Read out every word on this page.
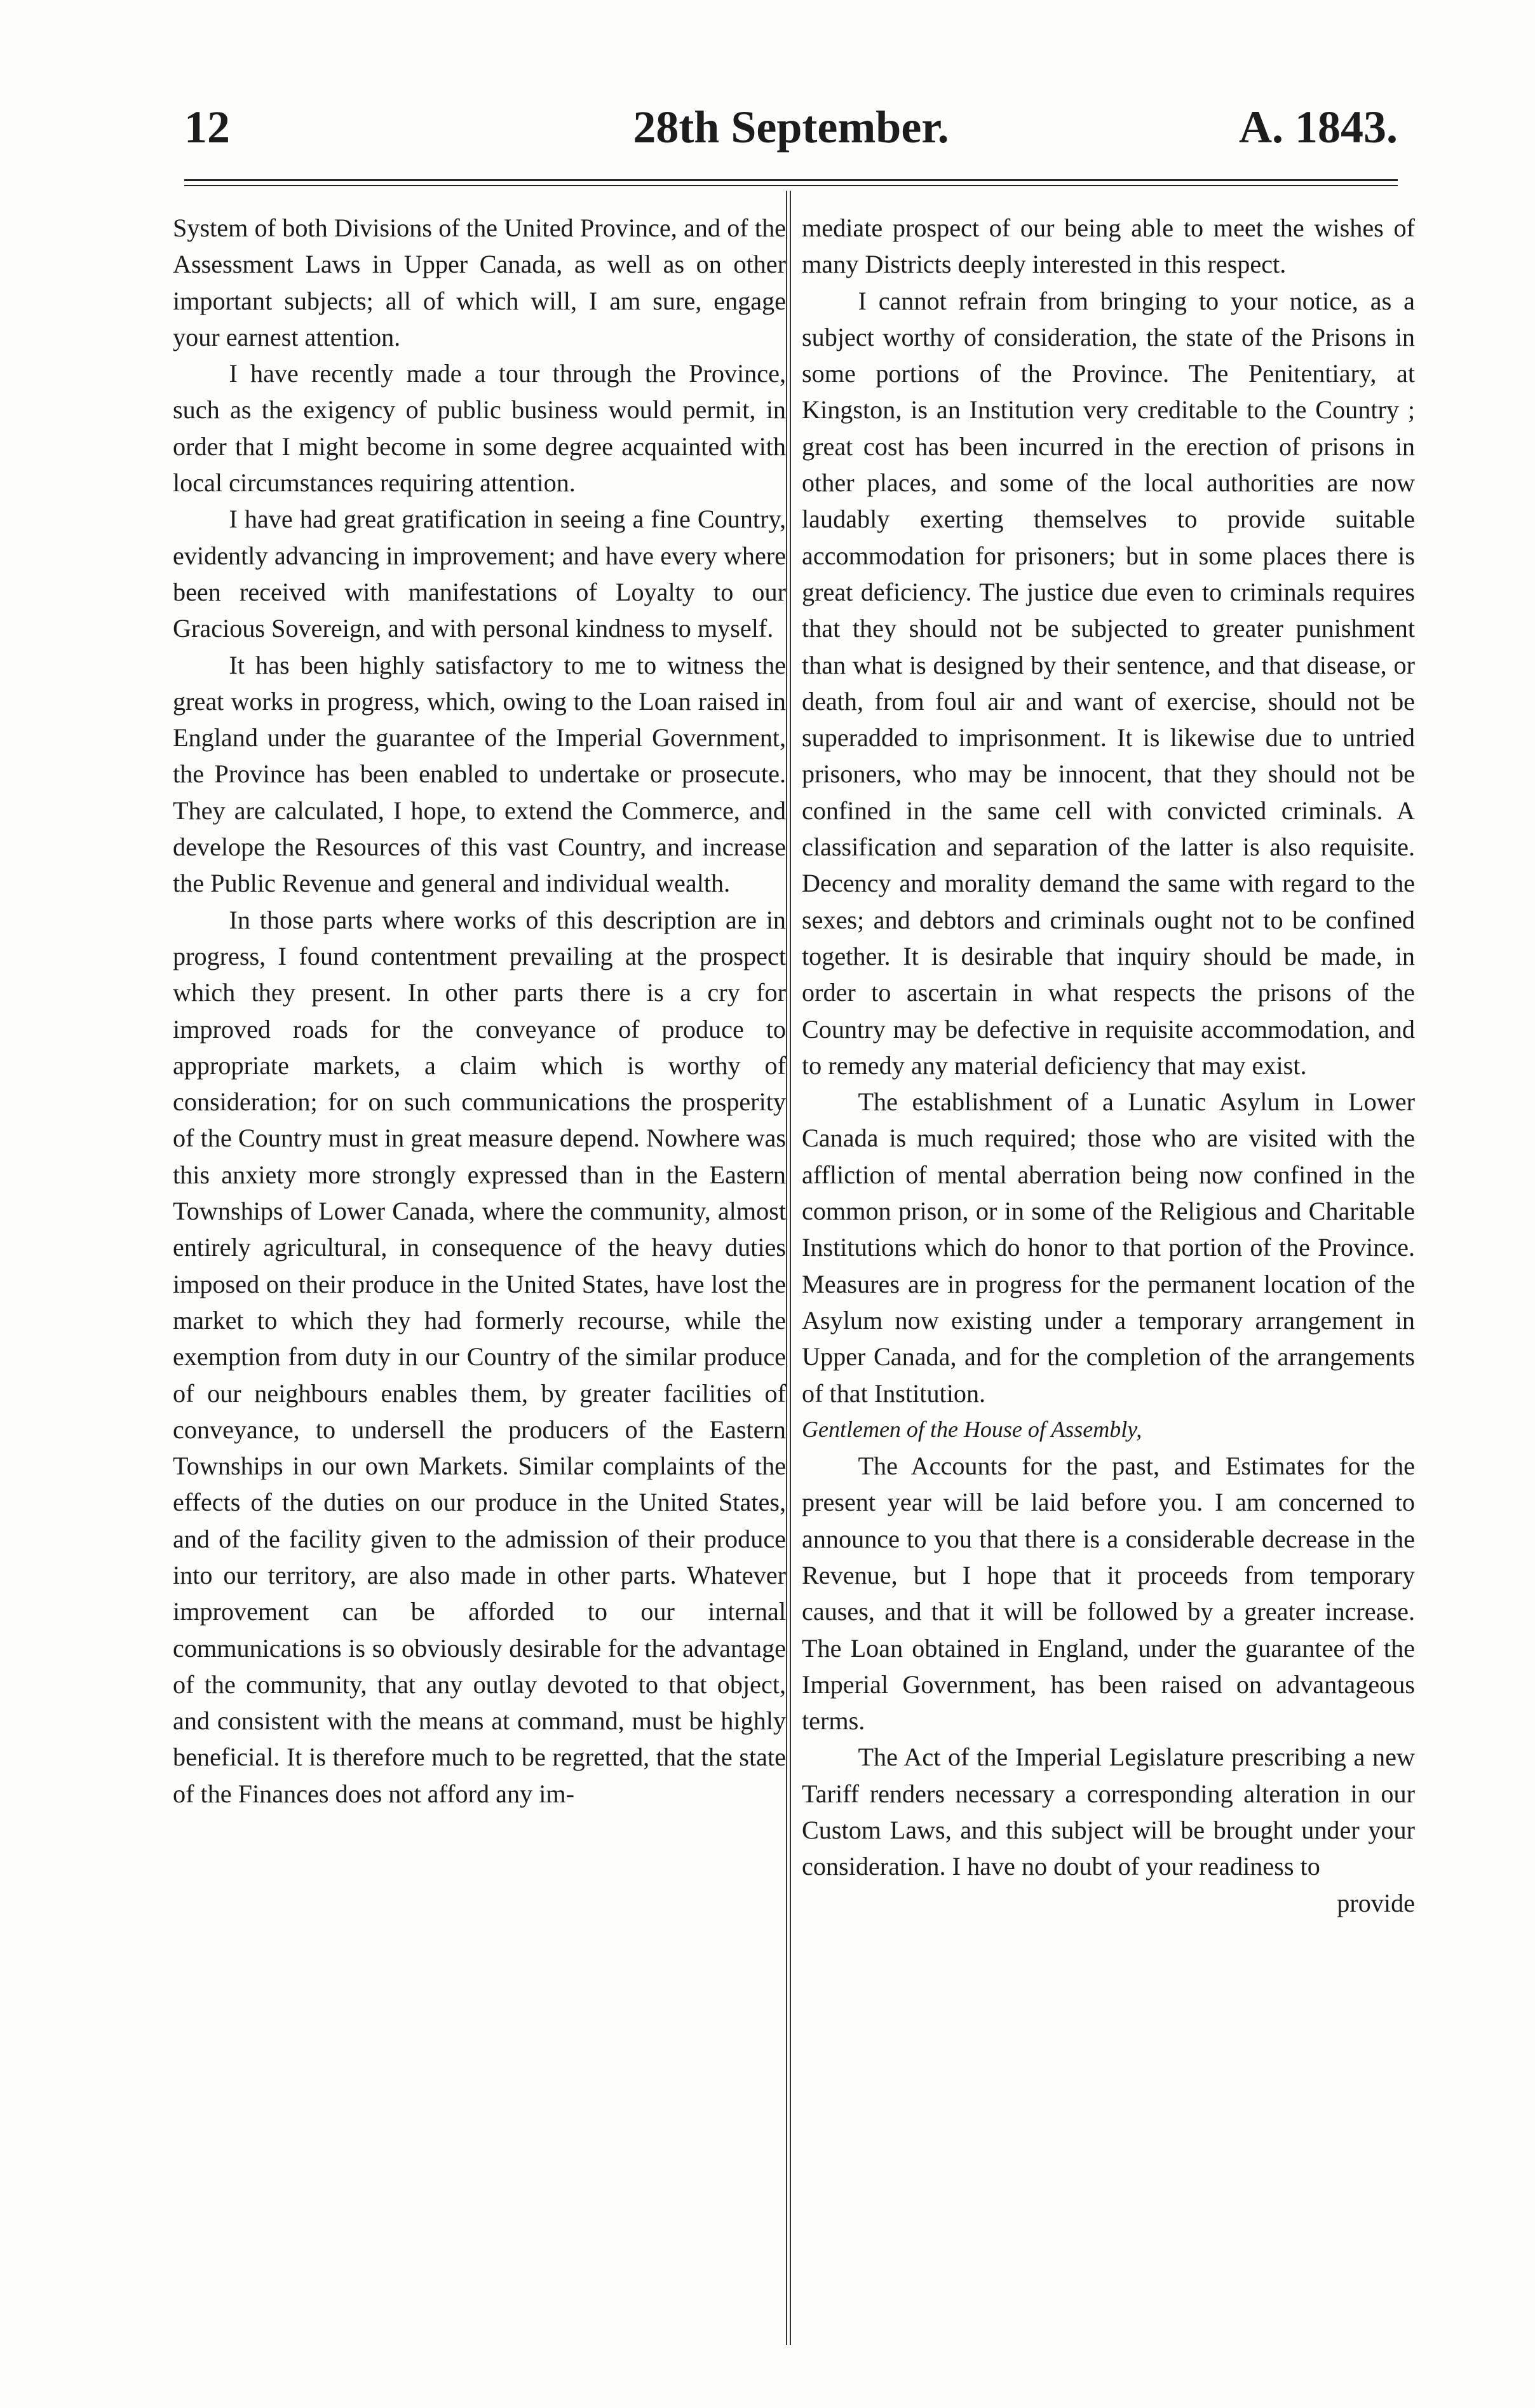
28th September.
12	A. 1843.

System of both Divisions of the United Province, and of the Assessment Laws in Upper Canada, as well as on other important subjects; all of which will, I am sure, engage your earnest attention.

I have recently made a tour through the Province, such as the exigency of public business would permit, in order that I might become in some degree acquainted with local circumstances requiring attention.

I have had great gratification in seeing a fine Country, evidently advancing in improvement; and have every where been received with manifestations of Loyalty to our Gracious Sovereign, and with personal kindness to myself.

It has been highly satisfactory to me to witness the great works in progress, which, owing to the Loan raised in England under the guarantee of the Imperial Government, the Province has been enabled to undertake or prosecute. They are calculated, I hope, to extend the Commerce, and develope the Resources of this vast Country, and increase the Public Revenue and general and individual wealth.

In those parts where works of this description are in progress, I found contentment prevailing at the prospect which they present. In other parts there is a cry for improved roads for the conveyance of produce to appropriate markets, a claim which is worthy of consideration; for on such communications the prosperity of the Country must in great measure depend. Nowhere was this anxiety more strongly expressed than in the Eastern Townships of Lower Canada, where the community, almost entirely agricultural, in consequence of the heavy duties imposed on their produce in the United States, have lost the market to which they had formerly recourse, while the exemption from duty in our Country of the similar produce of our neighbours enables them, by greater facilities of conveyance, to undersell the producers of the Eastern Townships in our own Markets. Similar complaints of the effects of the duties on our produce in the United States, and of the facility given to the admission of their produce into our territory, are also made in other parts. Whatever improvement can be afforded to our internal communications is so obviously desirable for the advantage of the community, that any outlay devoted to that object, and consistent with the means at command, must be highly beneficial. It is therefore much to be regretted, that the state of the Finances does not afford any im-

mediate prospect of our being able to meet the wishes of many Districts deeply interested in this respect.

I cannot refrain from bringing to your notice, as a subject worthy of consideration, the state of the Prisons in some portions of the Province. The Penitentiary, at Kingston, is an Institution very creditable to the Country ; great cost has been incurred in the erection of prisons in other places, and some of the local authorities are now laudably exerting themselves to provide suitable accommodation for prisoners; but in some places there is great deficiency. The justice due even to criminals requires that they should not be subjected to greater punishment than what is designed by their sentence, and that disease, or death, from foul air and want of exercise, should not be superadded to imprisonment. It is likewise due to untried prisoners, who may be innocent, that they should not be confined in the same cell with convicted criminals. A classification and separation of the latter is also requisite. Decency and morality demand the same with regard to the sexes; and debtors and criminals ought not to be confined together. It is desirable that inquiry should be made, in order to ascertain in what respects the prisons of the Country may be defective in requisite accommodation, and to remedy any material deficiency that may exist.

The establishment of a Lunatic Asylum in Lower Canada is much required; those who are visited with the affliction of mental aberration being now confined in the common prison, or in some of the Religious and Charitable Institutions which do honor to that portion of the Province. Measures are in progress for the permanent location of the Asylum now existing under a temporary arrangement in Upper Canada, and for the completion of the arrangements of that Institution.

Gentlemen of the House of Assembly,

The Accounts for the past, and Estimates for the present year will be laid before you. I am concerned to announce to you that there is a considerable decrease in the Revenue, but I hope that it proceeds from temporary causes, and that it will be followed by a greater increase. The Loan obtained in England, under the guarantee of the Imperial Government, has been raised on advantageous terms.

The Act of the Imperial Legislature prescribing a new Tariff renders necessary a corresponding alteration in our Custom Laws, and this subject will be brought under your consideration. I have no doubt of your readiness to

provide
